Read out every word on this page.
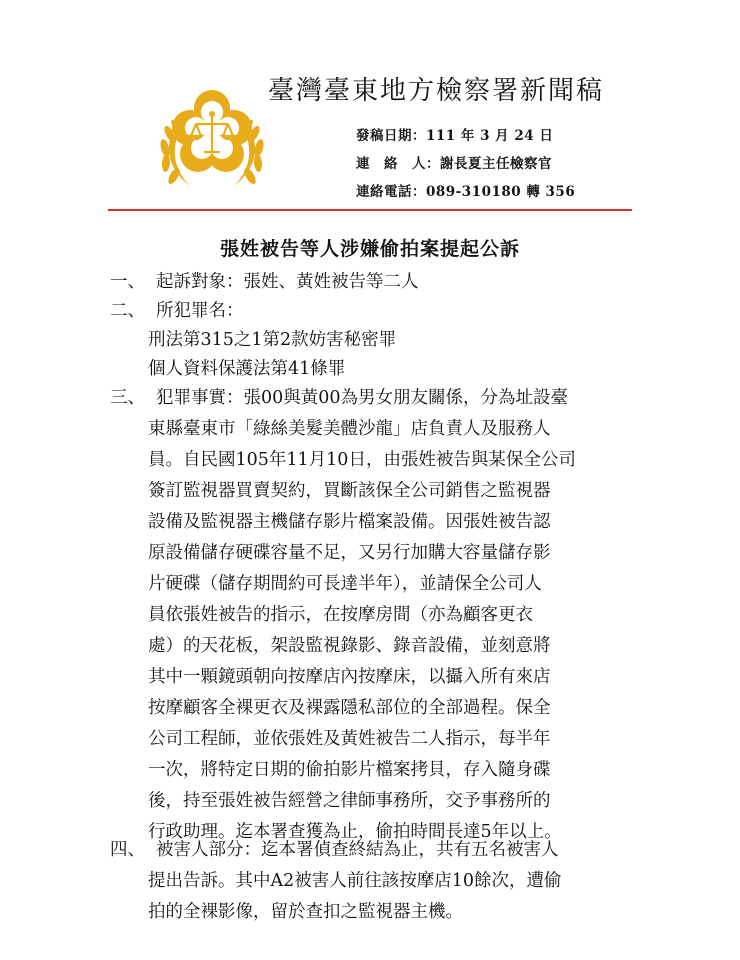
臺灣臺東地方檢察署新聞稿
發稿日期：111 年 3 月 24 日
連　絡　人：謝長夏主任檢察官
連絡電話：089-310180 轉 356
張姓被告等人涉嫌偷拍案提起公訴
一、 起訴對象：張姓、黃姓被告等二人
二、 所犯罪名：
刑法第315之1第2款妨害秘密罪
個人資料保護法第41條罪
三、 犯罪事實：張00與黃00為男女朋友關係，分為址設臺
東縣臺東市「綠絲美髮美體沙龍」店負責人及服務人
員。自民國105年11月10日，由張姓被告與某保全公司
簽訂監視器買賣契約，買斷該保全公司銷售之監視器
設備及監視器主機儲存影片檔案設備。因張姓被告認
原設備儲存硬碟容量不足，又另行加購大容量儲存影
片硬碟（儲存期間約可長達半年），並請保全公司人
員依張姓被告的指示，在按摩房間（亦為顧客更衣
處）的天花板，架設監視錄影、錄音設備，並刻意將
其中一顆鏡頭朝向按摩店內按摩床，以攝入所有來店
按摩顧客全裸更衣及裸露隱私部位的全部過程。保全
公司工程師，並依張姓及黃姓被告二人指示，每半年
一次，將特定日期的偷拍影片檔案拷貝，存入隨身碟
後，持至張姓被告經營之律師事務所，交予事務所的
行政助理。迄本署查獲為止，偷拍時間長達5年以上。
四、 被害人部分：迄本署偵查終結為止，共有五名被害人
提出告訴。其中A2被害人前往該按摩店10餘次，遭偷
拍的全裸影像，留於查扣之監視器主機。
